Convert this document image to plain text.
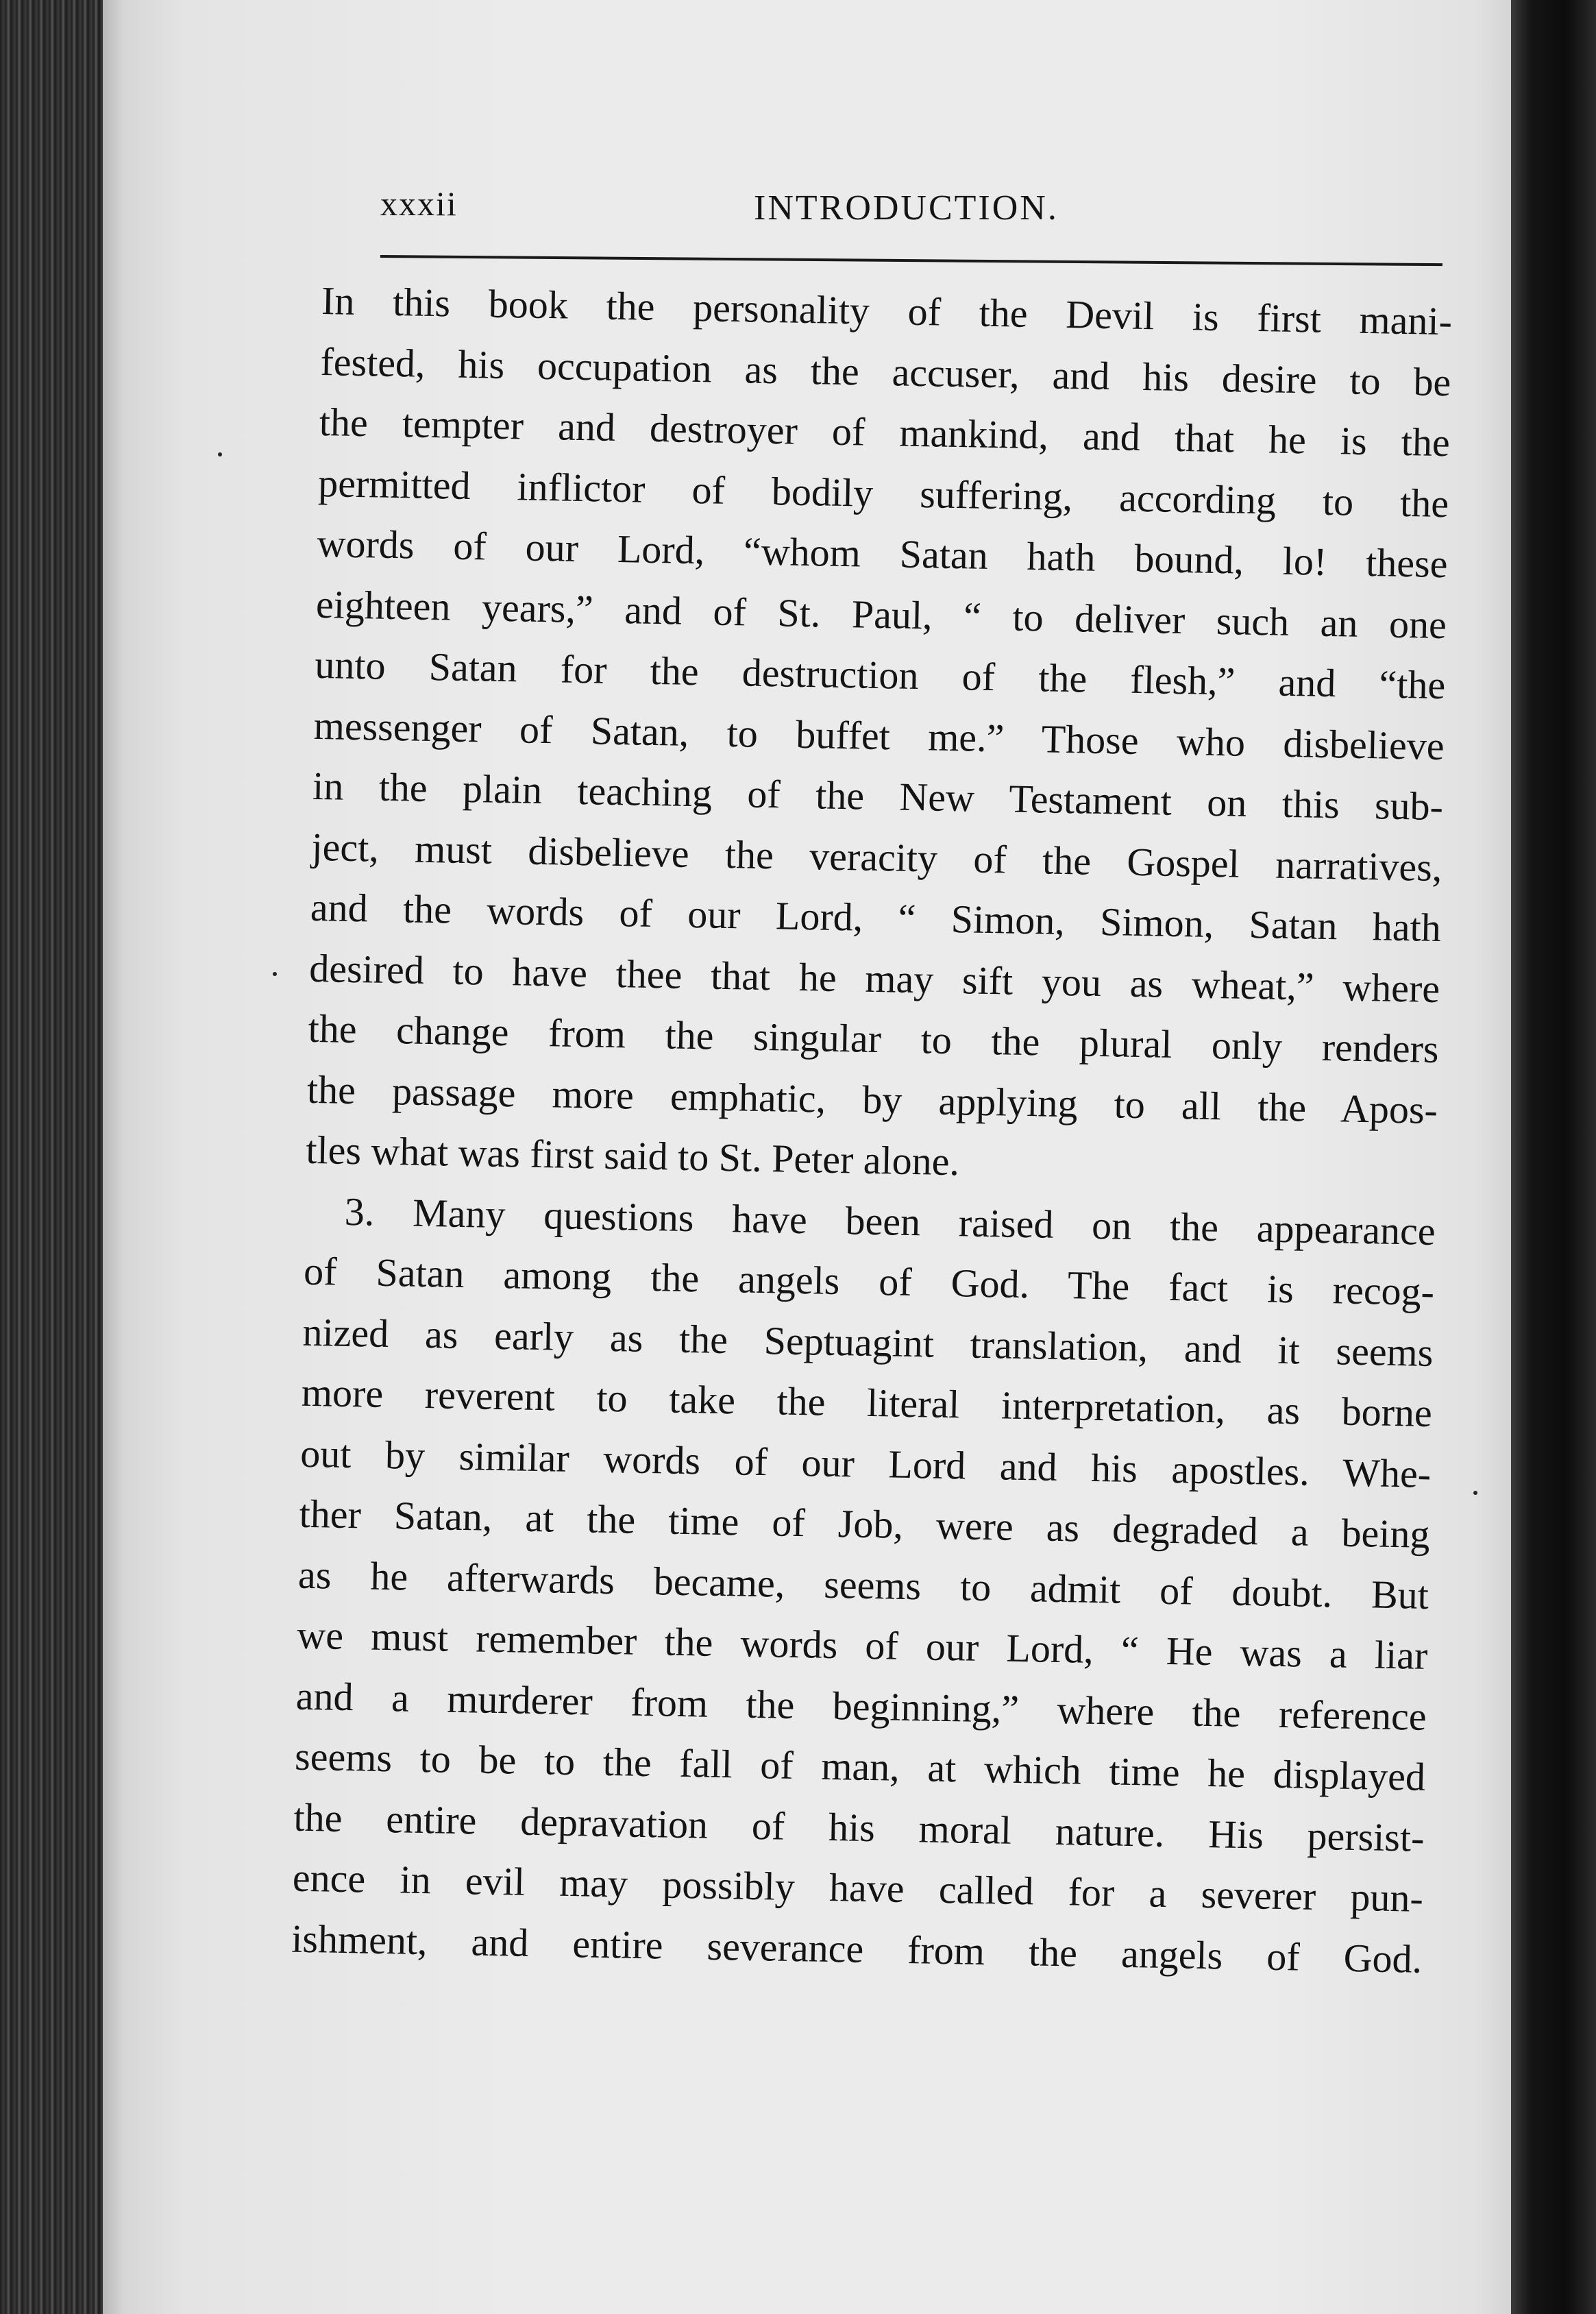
xxxii	INTRODUCTION.
In this book the personality of the Devil is first mani-
fested, his occupation as the accuser, and his desire to be
the tempter and destroyer of mankind, and that he is the
permitted inflictor of bodily suffering, according to the
words of our Lord, “whom Satan hath bound, lo! these
eighteen years,” and of St. Paul, “ to deliver such an one
unto Satan for the destruction of the flesh,” and “the
messenger of Satan, to buffet me.” Those who disbelieve
in the plain teaching of the New Testament on this sub-
ject, must disbelieve the veracity of the Gospel narratives,
and the words of our Lord, “ Simon, Simon, Satan hath
desired to have thee that he may sift you as wheat,” where
the change from the singular to the plural only renders
the passage more emphatic, by applying to all the Apos-
tles what was first said to St. Peter alone.
3. Many questions have been raised on the appearance
of Satan among the angels of God. The fact is recog-
nized as early as the Septuagint translation, and it seems
more reverent to take the literal interpretation, as borne
out by similar words of our Lord and his apostles. Whe-
ther Satan, at the time of Job, were as degraded a being
as he afterwards became, seems to admit of doubt. But
we must remember the words of our Lord, “ He was a liar
and a murderer from the beginning,” where the reference
seems to be to the fall of man, at which time he displayed
the entire depravation of his moral nature. His persist-
ence in evil may possibly have called for a severer pun-
ishment, and entire severance from the angels of God.
